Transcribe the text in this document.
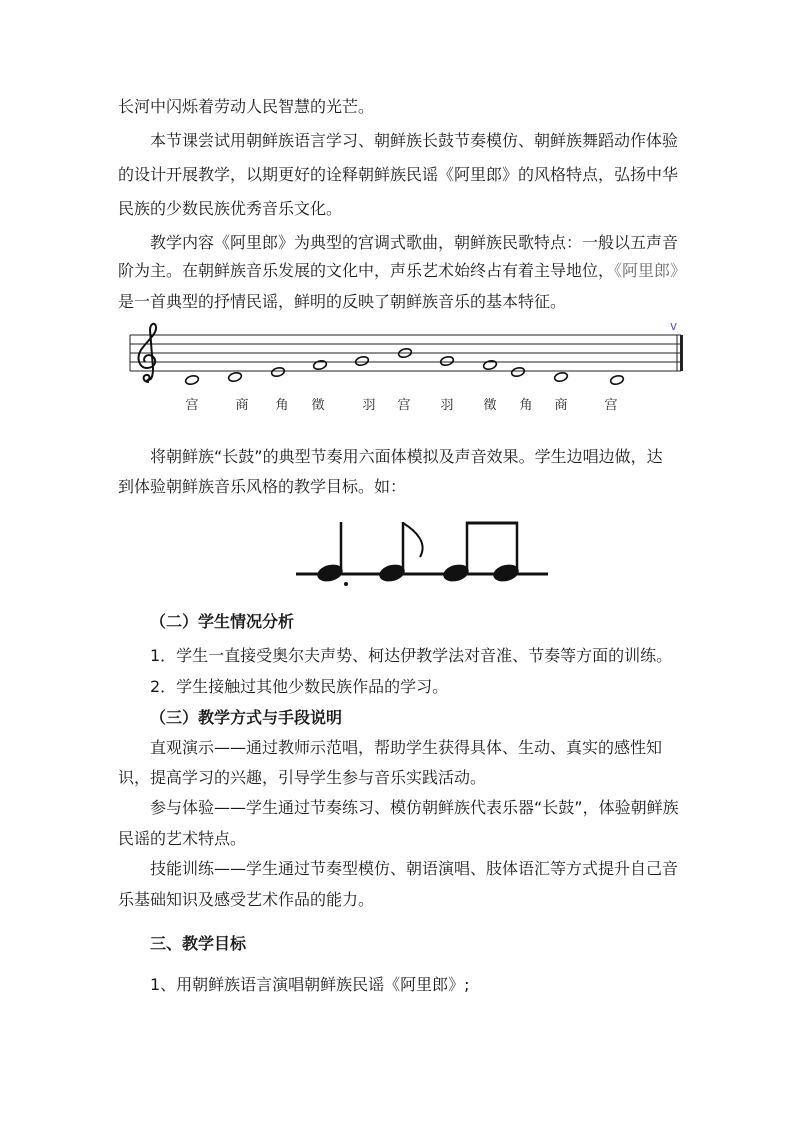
长河中闪烁着劳动人民智慧的光芒。
本节课尝试用朝鲜族语言学习、朝鲜族长鼓节奏模仿、朝鲜族舞蹈动作体验
的设计开展教学，以期更好的诠释朝鲜族民谣《阿里郎》的风格特点，弘扬中华
民族的少数民族优秀音乐文化。
教学内容《阿里郎》为典型的宫调式歌曲，朝鲜族民歌特点：一般以五声音
阶为主。在朝鲜族音乐发展的文化中，声乐艺术始终占有着主导地位，《阿里郎》
是一首典型的抒情民谣，鲜明的反映了朝鲜族音乐的基本特征。
v
宫	商 角 徵	羽 宫 羽 徵 角 商	宫
将朝鲜族“长鼓”的典型节奏用六面体模拟及声音效果。学生边唱边做，达
到体验朝鲜族音乐风格的教学目标。如：
（二）学生情况分析
1．学生一直接受奥尔夫声势、柯达伊教学法对音准、节奏等方面的训练。
2．学生接触过其他少数民族作品的学习。
（三）教学方式与手段说明
直观演示——通过教师示范唱，帮助学生获得具体、生动、真实的感性知
识，提高学习的兴趣，引导学生参与音乐实践活动。
参与体验——学生通过节奏练习、模仿朝鲜族代表乐器“长鼓”，体验朝鲜族
民谣的艺术特点。
技能训练——学生通过节奏型模仿、朝语演唱、肢体语汇等方式提升自己音
乐基础知识及感受艺术作品的能力。
三、教学目标
1、用朝鲜族语言演唱朝鲜族民谣《阿里郎》;
